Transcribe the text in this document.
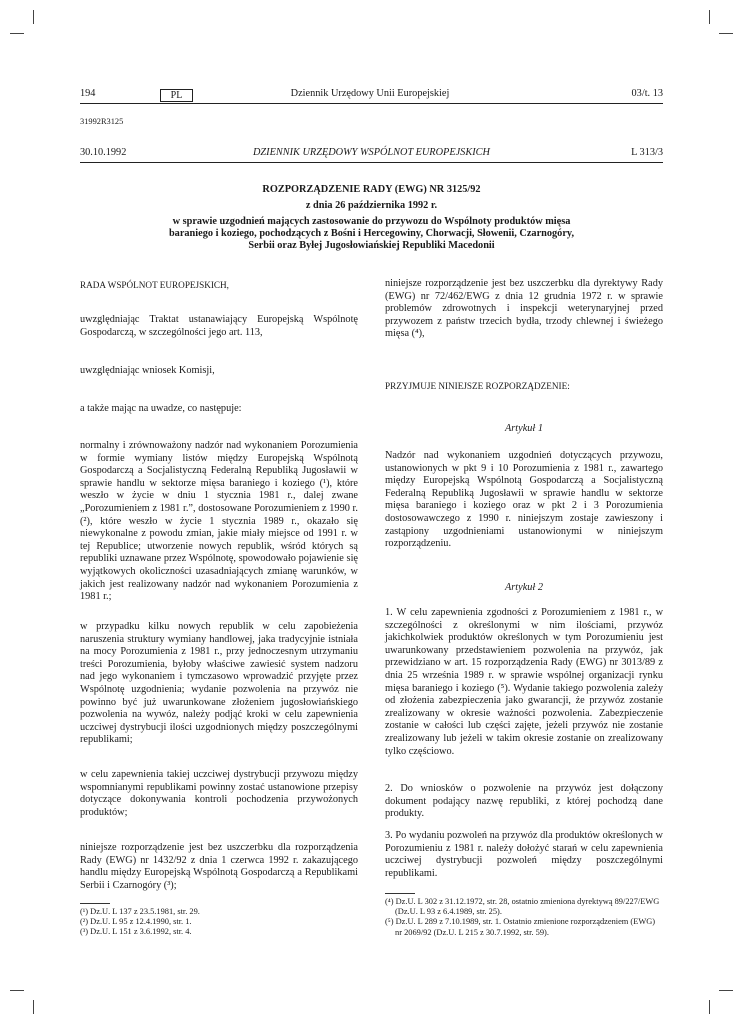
194	PL	Dziennik Urzędowy Unii Europejskiej	03/t. 13
31992R3125
30.10.1992	DZIENNIK URZĘDOWY WSPÓLNOT EUROPEJSKICH	L 313/3
ROZPORZĄDZENIE RADY (EWG) NR 3125/92
z dnia 26 października 1992 r.
w sprawie uzgodnień mających zastosowanie do przywozu do Wspólnoty produktów mięsa
baraniego i koziego, pochodzących z Bośni i Hercegowiny, Chorwacji, Słowenii, Czarnogóry,
Serbii oraz Byłej Jugosłowiańskiej Republiki Macedonii
RADA WSPÓLNOT EUROPEJSKICH,
uwzględniając Traktat ustanawiający Europejską Wspólnotę Gospodarczą, w szczególności jego art. 113,
uwzględniając wniosek Komisji,
a także mając na uwadze, co następuje:
normalny i zrównoważony nadzór nad wykonaniem Porozumienia w formie wymiany listów między Europejską Wspólnotą Gospodarczą a Socjalistyczną Federalną Republiką Jugosławii w sprawie handlu w sektorze mięsa baraniego i koziego (¹), które weszło w życie w dniu 1 stycznia 1981 r., dalej zwane „Porozumieniem z 1981 r.”, dostosowane Porozumieniem z 1990 r. (²), które weszło w życie 1 stycznia 1989 r., okazało się niewykonalne z powodu zmian, jakie miały miejsce od 1991 r. w tej Republice; utworzenie nowych republik, wśród których są republiki uznawane przez Wspólnotę, spowodowało pojawienie się wyjątkowych okoliczności uzasadniających zmianę warunków, w jakich jest realizowany nadzór nad wykonaniem Porozumienia z 1981 r.;
w przypadku kilku nowych republik w celu zapobieżenia naruszenia struktury wymiany handlowej, jaka tradycyjnie istniała na mocy Porozumienia z 1981 r., przy jednoczesnym utrzymaniu treści Porozumienia, byłoby właściwe zawiesić system nadzoru nad jego wykonaniem i tymczasowo wprowadzić przyjęte przez Wspólnotę uzgodnienia; wydanie pozwolenia na przywóz nie powinno być już uwarunkowane złożeniem jugosłowiańskiego pozwolenia na wywóz, należy podjąć kroki w celu zapewnienia uczciwej dystrybucji ilości uzgodnionych między poszczególnymi republikami;
w celu zapewnienia takiej uczciwej dystrybucji przywozu między wspomnianymi republikami powinny zostać ustanowione przepisy dotyczące dokonywania kontroli pochodzenia przywożonych produktów;
niniejsze rozporządzenie jest bez uszczerbku dla rozporządzenia Rady (EWG) nr 1432/92 z dnia 1 czerwca 1992 r. zakazującego handlu między Europejską Wspólnotą Gospodarczą a Republikami Serbii i Czarnogóry (³);

(¹) Dz.U. L 137 z 23.5.1981, str. 29.

(²) Dz.U. L 95 z 12.4.1990, str. 1.

(³) Dz.U. L 151 z 3.6.1992, str. 4.

niniejsze rozporządzenie jest bez uszczerbku dla dyrektywy Rady (EWG) nr 72/462/EWG z dnia 12 grudnia 1972 r. w sprawie problemów zdrowotnych i inspekcji weterynaryjnej przed przywozem z państw trzecich bydła, trzody chlewnej i świeżego mięsa (⁴),
PRZYJMUJE NINIEJSZE ROZPORZĄDZENIE:
Artykuł 1
Nadzór nad wykonaniem uzgodnień dotyczących przywozu, ustanowionych w pkt 9 i 10 Porozumienia z 1981 r., zawartego między Europejską Wspólnotą Gospodarczą a Socjalistyczną Federalną Republiką Jugosławii w sprawie handlu w sektorze mięsa baraniego i koziego oraz w pkt 2 i 3 Porozumienia dostosowawczego z 1990 r. niniejszym zostaje zawieszony i zastąpiony uzgodnieniami ustanowionymi w niniejszym rozporządzeniu.
Artykuł 2
1. W celu zapewnienia zgodności z Porozumieniem z 1981 r., w szczególności z określonymi w nim ilościami, przywóz jakichkolwiek produktów określonych w tym Porozumieniu jest uwarunkowany przedstawieniem pozwolenia na przywóz, jak przewidziano w art. 15 rozporządzenia Rady (EWG) nr 3013/89 z dnia 25 września 1989 r. w sprawie wspólnej organizacji rynku mięsa baraniego i koziego (⁵). Wydanie takiego pozwolenia zależy od złożenia zabezpieczenia jako gwarancji, że przywóz zostanie zrealizowany w okresie ważności pozwolenia. Zabezpieczenie zostanie w całości lub części zajęte, jeżeli przywóz nie zostanie zrealizowany lub jeżeli w takim okresie zostanie on zrealizowany tylko częściowo.
2. Do wniosków o pozwolenie na przywóz jest dołączony dokument podający nazwę republiki, z której pochodzą dane produkty.
3. Po wydaniu pozwoleń na przywóz dla produktów określonych w Porozumieniu z 1981 r. należy dołożyć starań w celu zapewnienia uczciwej dystrybucji pozwoleń między poszczególnymi republikami.

(⁴) Dz.U. L 302 z 31.12.1972, str. 28, ostatnio zmieniona dyrektywą 89/227/EWG (Dz.U. L 93 z 6.4.1989, str. 25).

(⁵) Dz.U. L 289 z 7.10.1989, str. 1. Ostatnio zmienione rozporządzeniem (EWG) nr 2069/92 (Dz.U. L 215 z 30.7.1992, str. 59).
